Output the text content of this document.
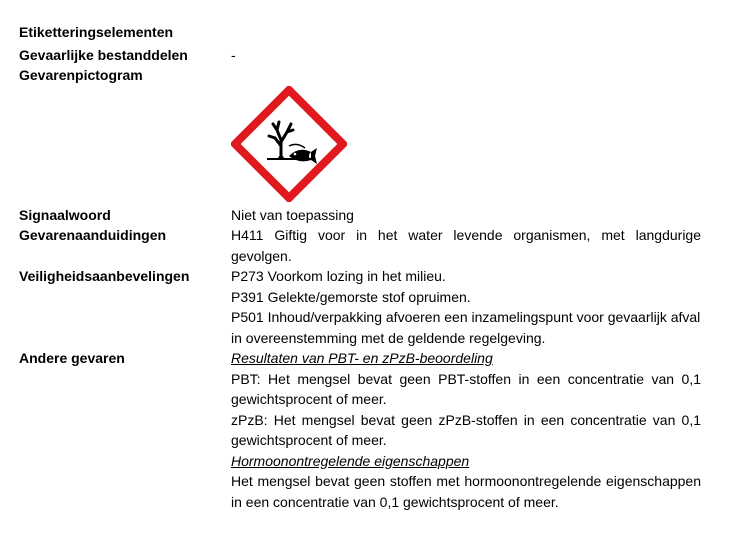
Etiketteringselementen
Gevaarlijke bestanddelen	-
Gevarenpictogram
Signaalwoord	Niet van toepassing
Gevarenaanduidingen	H411 Giftig voor in het water levende organismen, met langdurige gevolgen.
Veiligheidsaanbevelingen	P273 Voorkom lozing in het milieu.

P391 Gelekte/gemorste stof opruimen.

P501 Inhoud/verpakking afvoeren een inzamelingspunt voor gevaarlijk afval in overeenstemming met de geldende regelgeving.

Andere gevaren	Resultaten van PBT- en zPzB-beoordeling

PBT: Het mengsel bevat geen PBT-stoffen in een concentratie van 0,1 gewichtsprocent of meer.

zPzB: Het mengsel bevat geen zPzB-stoffen in een concentratie van 0,1 gewichtsprocent of meer.

Hormoonontregelende eigenschappen

Het mengsel bevat geen stoffen met hormoonontregelende eigenschappen in een concentratie van 0,1 gewichtsprocent of meer.
